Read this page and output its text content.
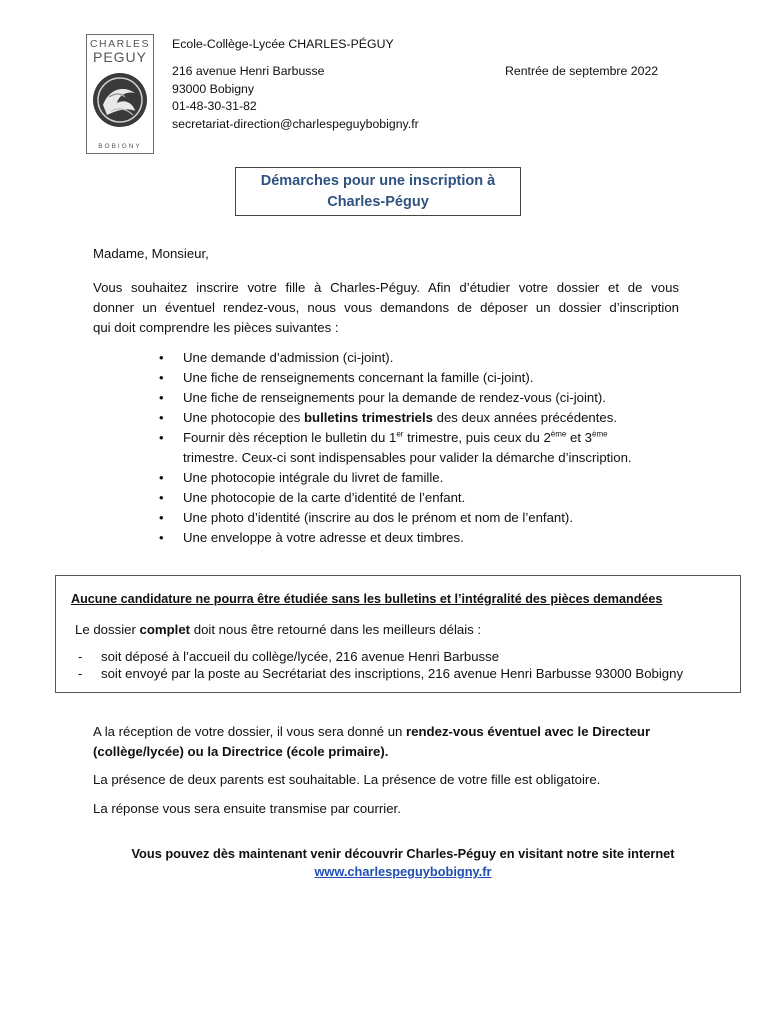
CHARLES
PEGUY
BOBIGNY
Ecole-Collège-Lycée CHARLES-PÉGUY
216 avenue Henri Barbusse
93000 Bobigny
01-48-30-31-82
secretariat-direction@charlespeguybobigny.fr
Rentrée de septembre 2022
Démarches pour une inscription à
Charles-Péguy
Madame, Monsieur,
Vous souhaitez inscrire votre fille à Charles-Péguy. Afin d’étudier votre dossier et de vous
donner un éventuel rendez-vous, nous vous demandons de déposer un dossier d’inscription
qui doit comprendre les pièces suivantes :
• Une demande d’admission (ci-joint).
• Une fiche de renseignements concernant la famille (ci-joint).
• Une fiche de renseignements pour la demande de rendez-vous (ci-joint).
• Une photocopie des bulletins trimestriels des deux années précédentes.
• Fournir dès réception le bulletin du 1er trimestre, puis ceux du 2ème et 3ème
trimestre. Ceux-ci sont indispensables pour valider la démarche d’inscription.
• Une photocopie intégrale du livret de famille.
• Une photocopie de la carte d’identité de l’enfant.
• Une photo d’identité (inscrire au dos le prénom et nom de l’enfant).
• Une enveloppe à votre adresse et deux timbres.
Aucune candidature ne pourra être étudiée sans les bulletins et l’intégralité des pièces demandées
Le dossier complet doit nous être retourné dans les meilleurs délais :
- soit déposé à l’accueil du collège/lycée, 216 avenue Henri Barbusse
- soit envoyé par la poste au Secrétariat des inscriptions, 216 avenue Henri Barbusse 93000 Bobigny
A la réception de votre dossier, il vous sera donné un rendez-vous éventuel avec le Directeur
(collège/lycée) ou la Directrice (école primaire).
La présence de deux parents est souhaitable. La présence de votre fille est obligatoire.
La réponse vous sera ensuite transmise par courrier.
Vous pouvez dès maintenant venir découvrir Charles-Péguy en visitant notre site internet
www.charlespeguybobigny.fr
